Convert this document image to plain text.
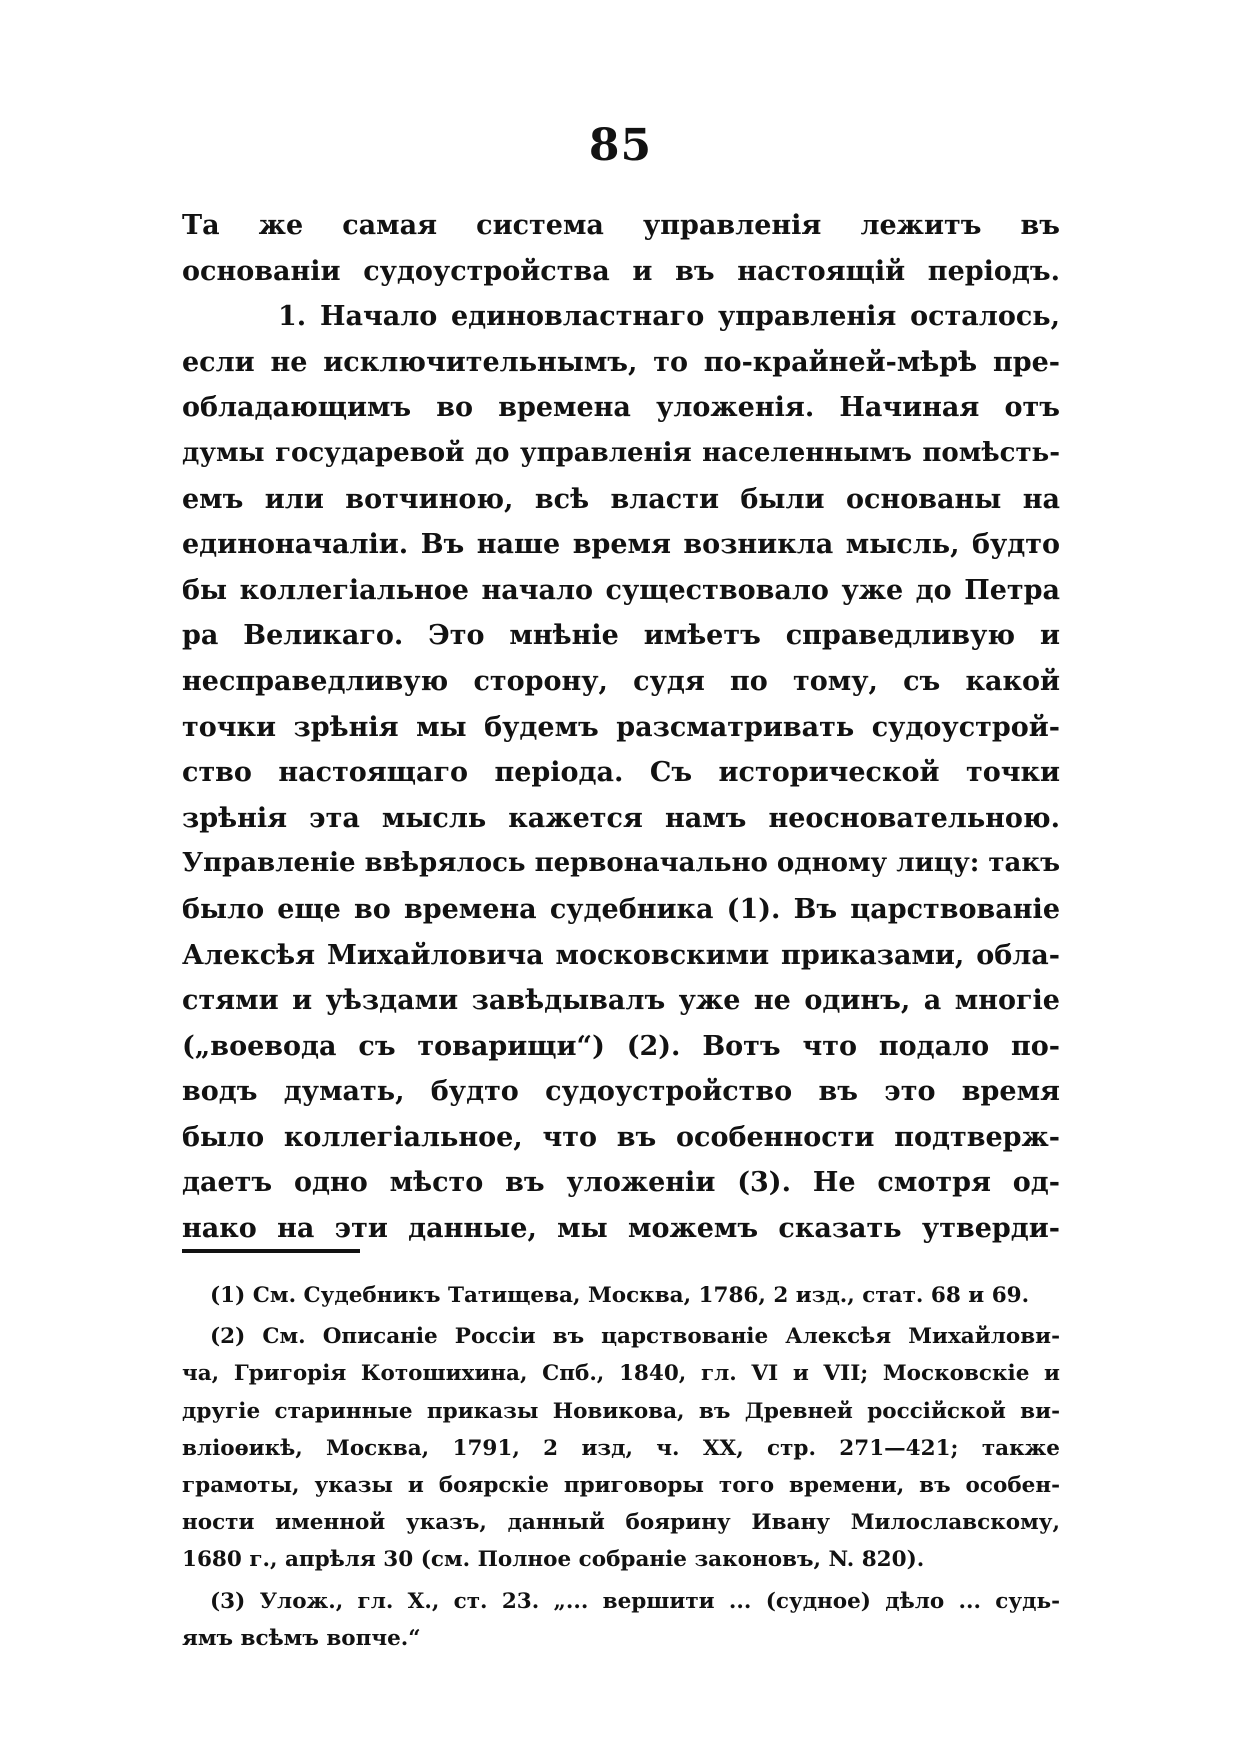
85
Та же самая система управленія лежитъ въ
основаніи судоустройства и въ настоящій періодъ.
1. Начало единовластнаго управленія осталось,
если не исключительнымъ, то по-крайней-мѣрѣ пре-
обладающимъ во времена уложенія. Начиная отъ
думы государевой до управленія населеннымъ помѣсть-
емъ или вотчиною, всѣ власти были основаны на
единоначаліи. Въ наше время возникла мысль, будто
бы коллегіальное начало существовало уже до Петра
ра Великаго. Это мнѣніе имѣетъ справедливую и
несправедливую сторону, судя по тому, съ какой
точки зрѣнія мы будемъ разсматривать судоустрой-
ство настоящаго періода. Съ исторической точки
зрѣнія эта мысль кажется намъ неосновательною.
Управленіе ввѣрялось первоначально одному лицу: такъ
было еще во времена судебника (1). Въ царствованіе
Алексѣя Михайловича московскими приказами, обла-
стями и уѣздами завѣдывалъ уже не одинъ, а многіе
(„воевода съ товарищи“) (2). Вотъ что подало по-
водъ думать, будто судоустройство въ это время
было коллегіальное, что въ особенности подтверж-
даетъ одно мѣсто въ уложеніи (3). Не смотря од-
нако на эти данные, мы можемъ сказать утверди-
(1) См. Судебникъ Татищева, Москва, 1786, 2 изд., стат. 68 и 69.
(2) См. Описаніе Россіи въ царствованіе Алексѣя Михайлови-
ча, Григорія Котошихина, Спб., 1840, гл. VI и VII; Московскіе и
другіе старинные приказы Новикова, въ Древней россійской ви-
вліоѳикѣ, Москва, 1791, 2 изд, ч. XX, стр. 271—421; также
грамоты, указы и боярскіе приговоры того времени, въ особен-
ности именной указъ, данный боярину Ивану Милославскому,
1680 г., апрѣля 30 (см. Полное собраніе законовъ, N. 820).
(3) Улож., гл. X., ст. 23. „... вершити ... (судное) дѣло ... судь-
ямъ всѣмъ вопче.“
